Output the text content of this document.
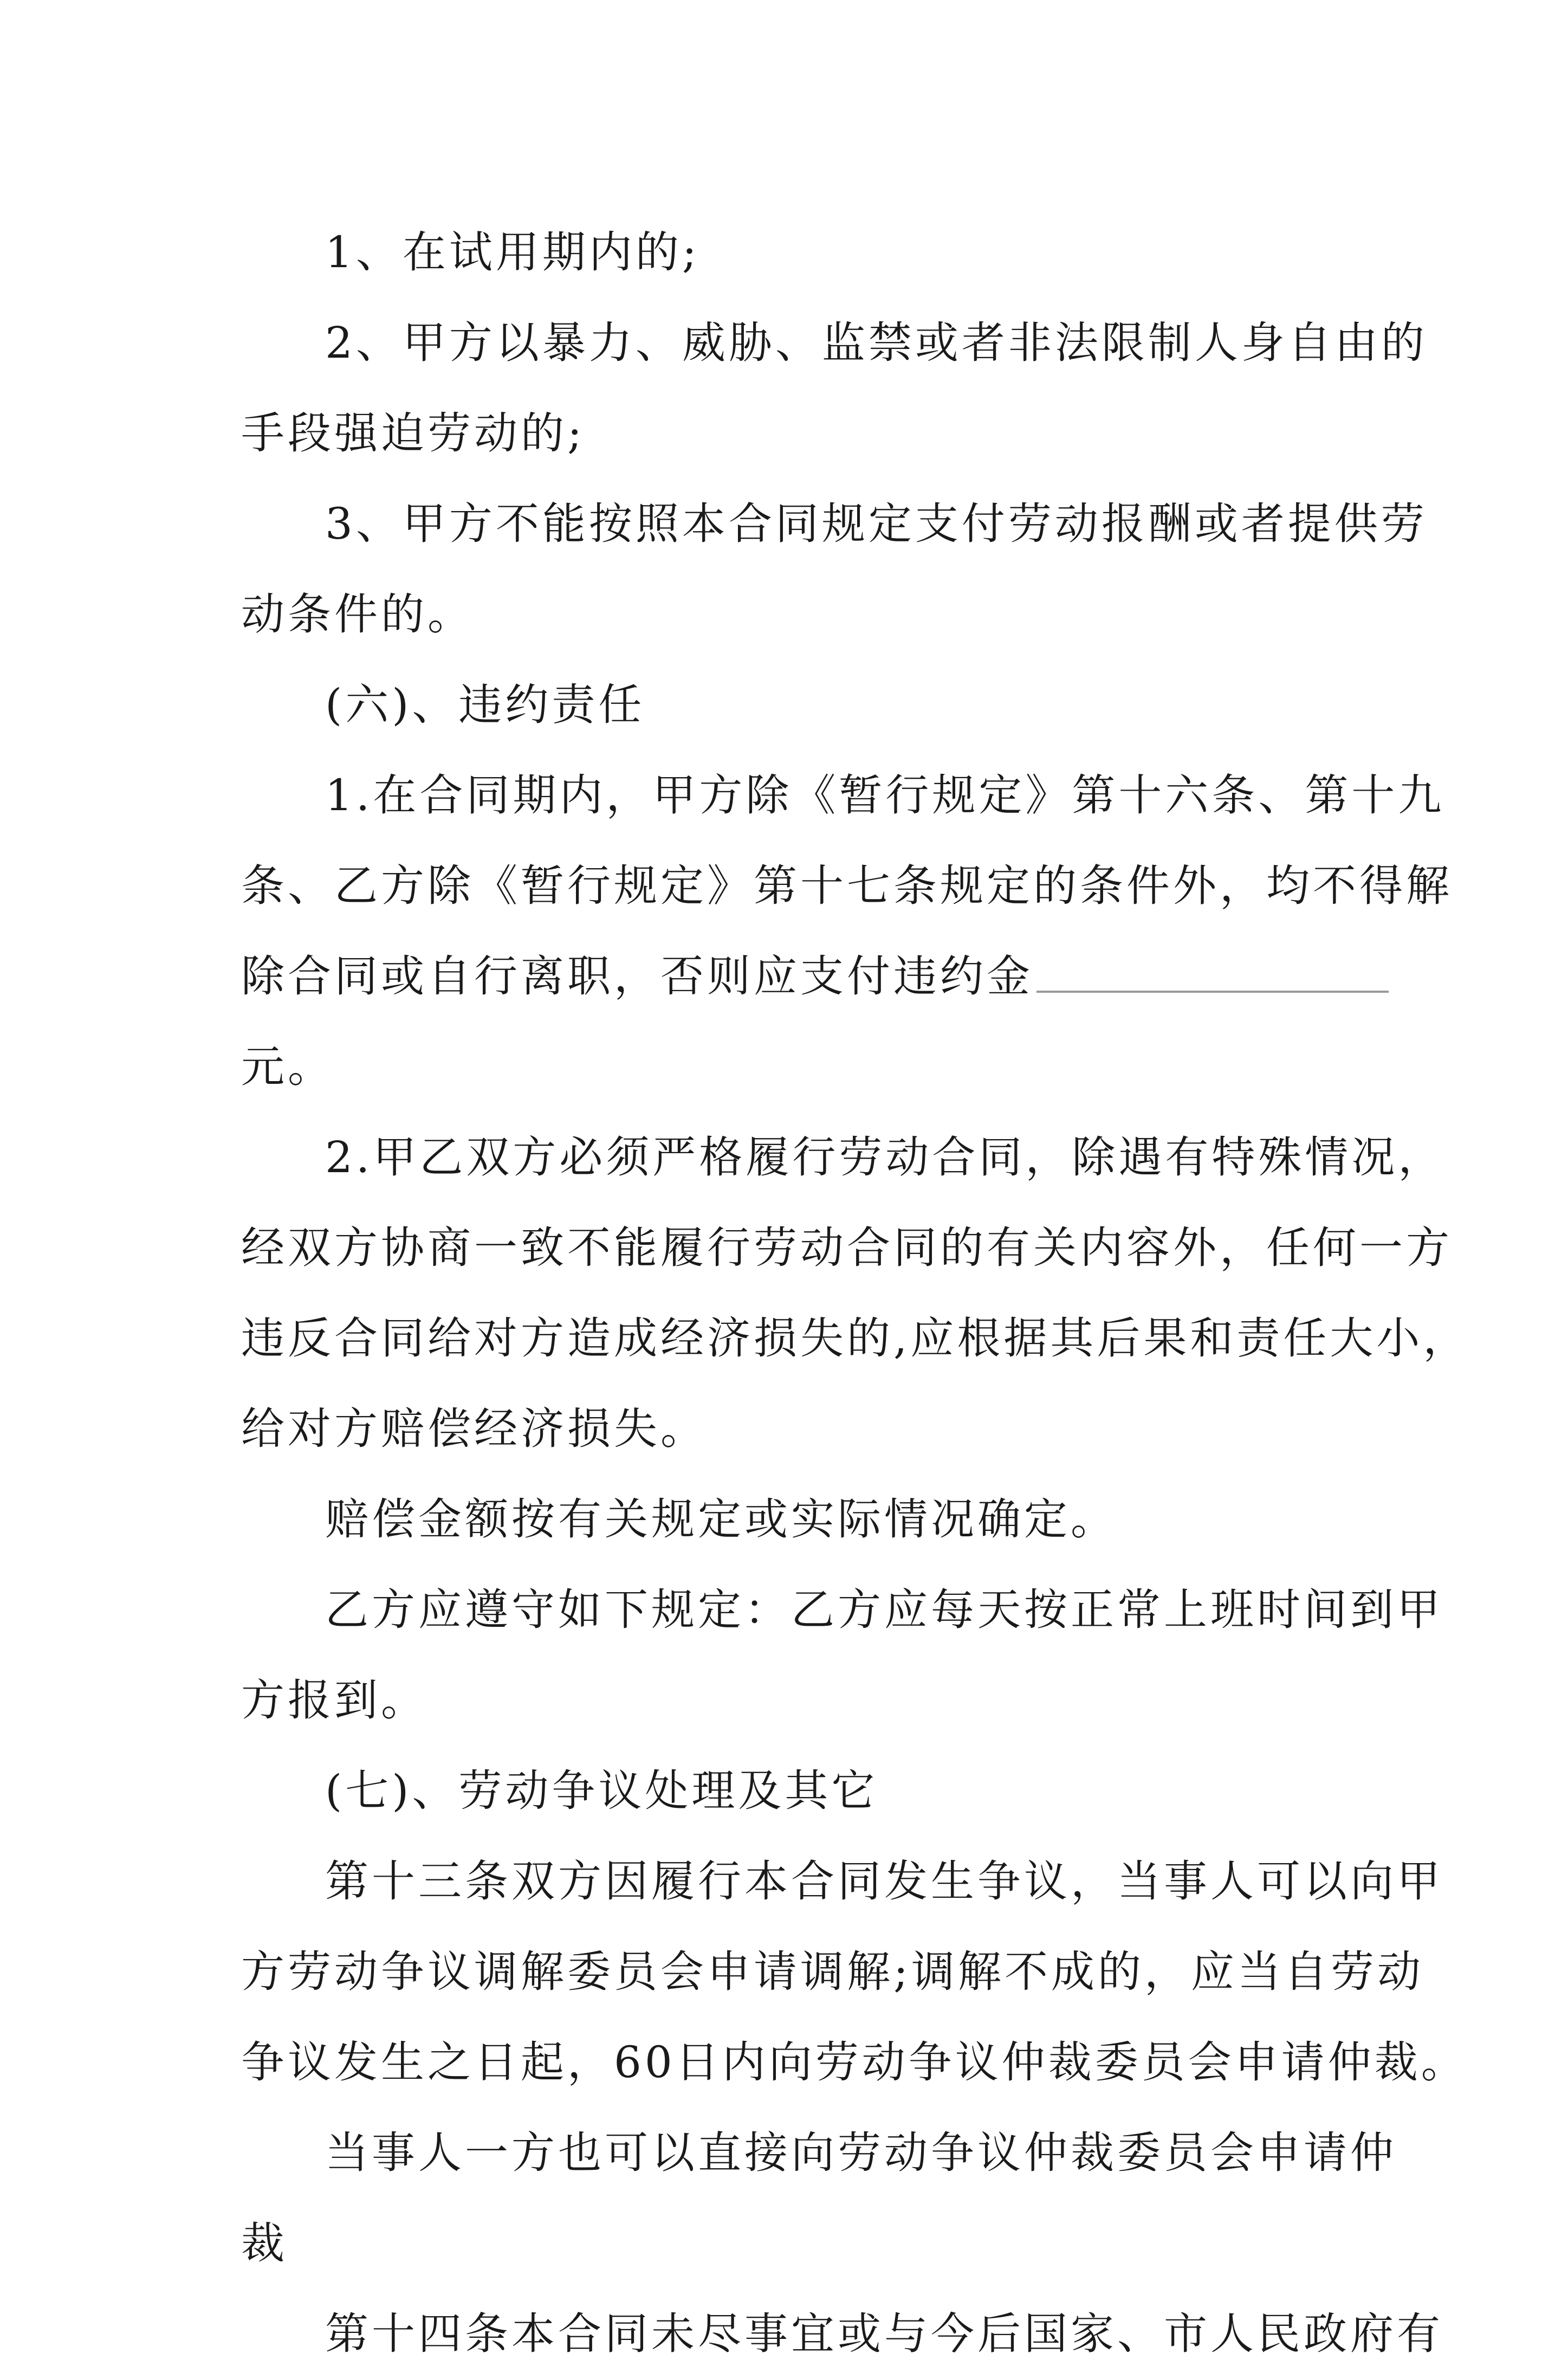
1、在试用期内的;
2、甲方以暴力、威胁、监禁或者非法限制人身自由的
手段强迫劳动的;
3、甲方不能按照本合同规定支付劳动报酬或者提供劳
动条件的。
(六)、违约责任
1.在合同期内，甲方除《暂行规定》第十六条、第十九
条、乙方除《暂行规定》第十七条规定的条件外，均不得解
除合同或自行离职，否则应支付违约金
元。
2.甲乙双方必须严格履行劳动合同，除遇有特殊情况，
经双方协商一致不能履行劳动合同的有关内容外，任何一方
违反合同给对方造成经济损失的,应根据其后果和责任大小，
给对方赔偿经济损失。
赔偿金额按有关规定或实际情况确定。
乙方应遵守如下规定：乙方应每天按正常上班时间到甲
方报到。
(七)、劳动争议处理及其它
第十三条双方因履行本合同发生争议，当事人可以向甲
方劳动争议调解委员会申请调解;调解不成的，应当自劳动
争议发生之日起，60日内向劳动争议仲裁委员会申请仲裁。
当事人一方也可以直接向劳动争议仲裁委员会申请仲
裁
第十四条本合同未尽事宜或与今后国家、市人民政府有
